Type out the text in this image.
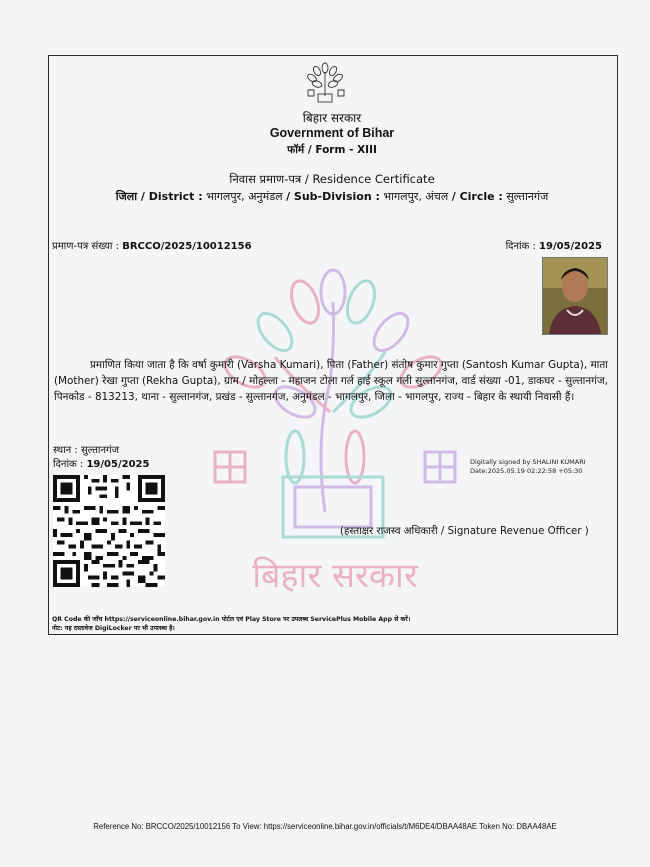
बिहार सरकार
Government of Bihar
फॉर्म / Form - XIII
निवास प्रमाण-पत्र / Residence Certificate
जिला / District : भागलपुर, अनुमंडल / Sub-Division : भागलपुर, अंचल / Circle : सुल्तानगंज
प्रमाण-पत्र संख्या : BRCCO/2025/10012156	दिनांक : 19/05/2025
बिहार सरकार
प्रमाणित किया जाता है कि वर्षा कुमारी (Varsha Kumari), पिता (Father) संतोष कुमार गुप्ता (Santosh Kumar Gupta), माता (Mother) रेखा गुप्ता (Rekha Gupta), ग्राम / मोहल्ला - महाजन टोला गर्ल हाई स्कूल गली सुल्तानगंज, वार्ड संख्या -01, डाकघर - सुल्तानगंज, पिनकोड - 813213, थाना - सुल्तानगंज, प्रखंड - सुल्तानगंज, अनुमंडल - भागलपुर, जिला - भागलपुर, राज्य - बिहार के स्थायी निवासी हैं।
स्थान : सुल्तानगंज
दिनांक : 19/05/2025	Digitally signed by SHALINI KUMARI
Date:2025.05.19 02:22:58 +05:30
(हस्ताक्षर राजस्व अधिकारी / Signature Revenue Officer )
QR Code की जाँच https://serviceonline.bihar.gov.in पोर्टल एवं Play Store पर उपलब्ध ServicePlus Mobile App से करें।
नोट: यह दस्तावेज DigiLocker पर भी उपलब्ध है।
Reference No: BRCCO/2025/10012156 To View: https://serviceonline.bihar.gov.in/officials/t/M6DE4/DBAA48AE Token No: DBAA48AE
